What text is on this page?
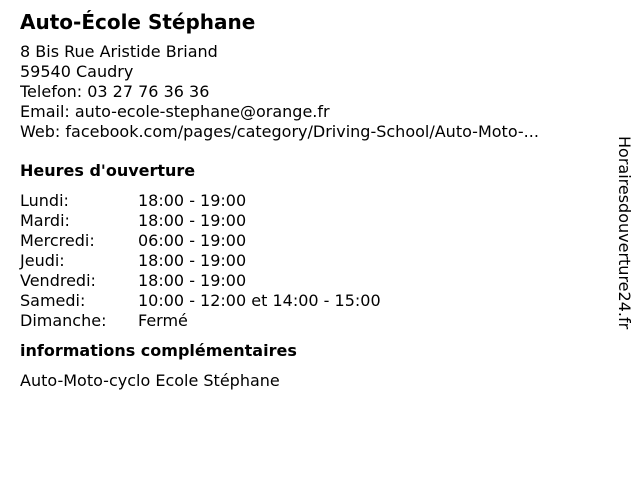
Auto-École Stéphane
8 Bis Rue Aristide Briand
59540 Caudry
Telefon: 03 27 76 36 36
Email: auto-ecole-stephane@orange.fr
Web: facebook.com/pages/category/Driving-School/Auto-Moto-...
Heures d'ouverture
Lundi:	18:00 - 19:00
Mardi:	18:00 - 19:00
Mercredi:	06:00 - 19:00
Jeudi:	18:00 - 19:00
Vendredi:	18:00 - 19:00
Samedi:	10:00 - 12:00 et 14:00 - 15:00
Dimanche:	Fermé
informations complémentaires
Auto-Moto-cyclo Ecole Stéphane
Horairesdouverture24.fr
